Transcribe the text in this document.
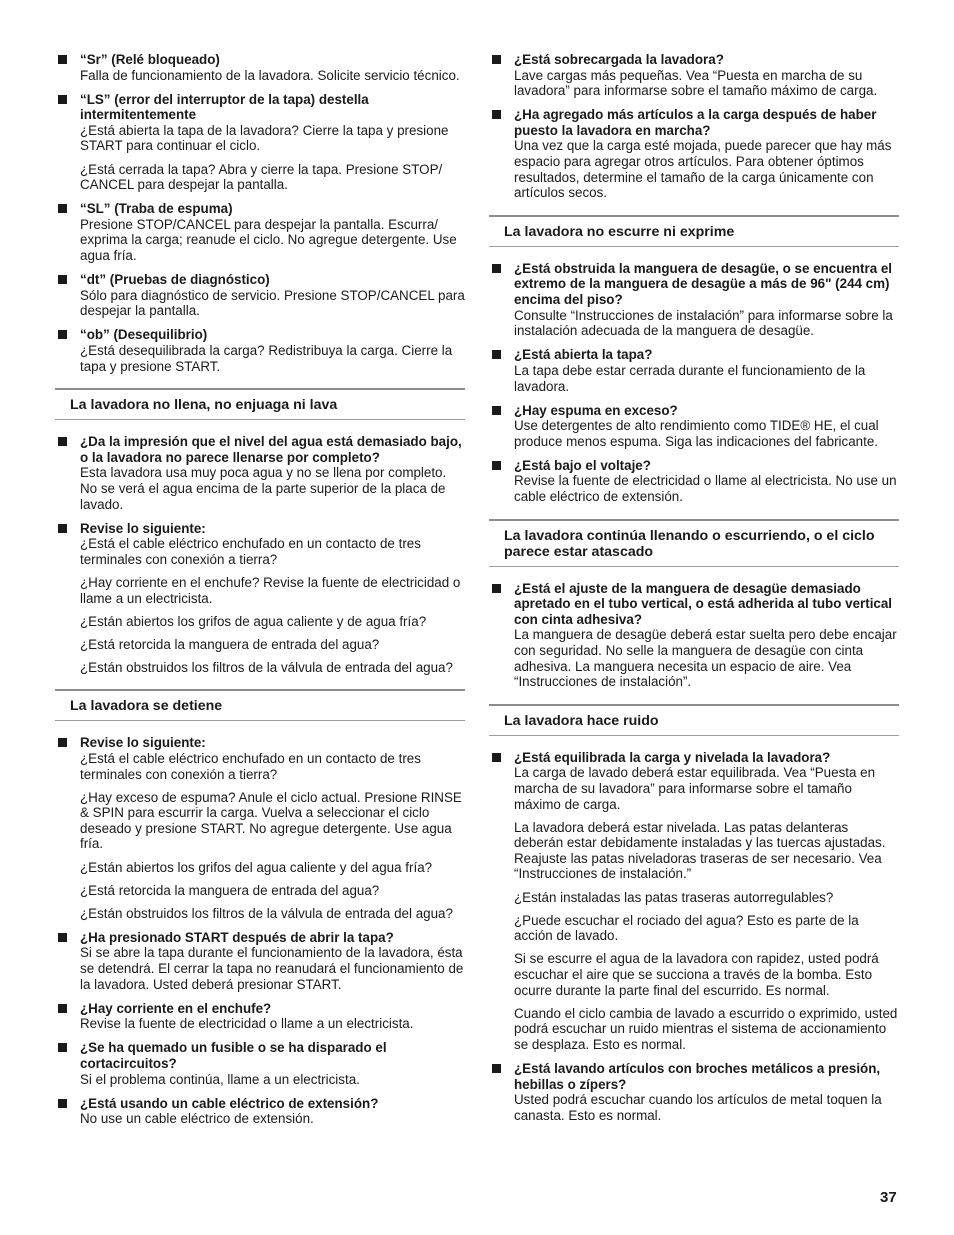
“Sr” (Relé bloqueado)
Falla de funcionamiento de la lavadora. Solicite servicio técnico.
“LS” (error del interruptor de la tapa) destella intermitentemente
¿Está abierta la tapa de la lavadora? Cierre la tapa y presione START para continuar el ciclo.
¿Está cerrada la tapa? Abra y cierre la tapa. Presione STOP/ CANCEL para despejar la pantalla.
“SL” (Traba de espuma)
Presione STOP/CANCEL para despejar la pantalla. Escurra/ exprima la carga; reanude el ciclo. No agregue detergente. Use agua fría.
“dt” (Pruebas de diagnóstico)
Sólo para diagnóstico de servicio. Presione STOP/CANCEL para despejar la pantalla.
“ob” (Desequilibrio)
¿Está desequilibrada la carga? Redistribuya la carga. Cierre la tapa y presione START.
La lavadora no llena, no enjuaga ni lava
¿Da la impresión que el nivel del agua está demasiado bajo, o la lavadora no parece llenarse por completo?
Esta lavadora usa muy poca agua y no se llena por completo. No se verá el agua encima de la parte superior de la placa de lavado.
Revise lo siguiente:
¿Está el cable eléctrico enchufado en un contacto de tres terminales con conexión a tierra?
¿Hay corriente en el enchufe? Revise la fuente de electricidad o llame a un electricista.
¿Están abiertos los grifos de agua caliente y de agua fría?
¿Está retorcida la manguera de entrada del agua?
¿Están obstruidos los filtros de la válvula de entrada del agua?
La lavadora se detiene
Revise lo siguiente:
¿Está el cable eléctrico enchufado en un contacto de tres terminales con conexión a tierra?
¿Hay exceso de espuma? Anule el ciclo actual. Presione RINSE & SPIN para escurrir la carga. Vuelva a seleccionar el ciclo deseado y presione START. No agregue detergente. Use agua fría.
¿Están abiertos los grifos del agua caliente y del agua fría?
¿Está retorcida la manguera de entrada del agua?
¿Están obstruidos los filtros de la válvula de entrada del agua?
¿Ha presionado START después de abrir la tapa?
Si se abre la tapa durante el funcionamiento de la lavadora, ésta se detendrá. El cerrar la tapa no reanudará el funcionamiento de la lavadora. Usted deberá presionar START.
¿Hay corriente en el enchufe?
Revise la fuente de electricidad o llame a un electricista.
¿Se ha quemado un fusible o se ha disparado el cortacircuitos?
Si el problema continúa, llame a un electricista.
¿Está usando un cable eléctrico de extensión?
No use un cable eléctrico de extensión.
¿Está sobrecargada la lavadora?
Lave cargas más pequeñas. Vea “Puesta en marcha de su lavadora” para informarse sobre el tamaño máximo de carga.
¿Ha agregado más artículos a la carga después de haber puesto la lavadora en marcha?
Una vez que la carga esté mojada, puede parecer que hay más espacio para agregar otros artículos. Para obtener óptimos resultados, determine el tamaño de la carga únicamente con artículos secos.
La lavadora no escurre ni exprime
¿Está obstruida la manguera de desagüe, o se encuentra el extremo de la manguera de desagüe a más de 96" (244 cm) encima del piso?
Consulte “Instrucciones de instalación” para informarse sobre la instalación adecuada de la manguera de desagüe.
¿Está abierta la tapa?
La tapa debe estar cerrada durante el funcionamiento de la lavadora.
¿Hay espuma en exceso?
Use detergentes de alto rendimiento como TIDE® HE, el cual produce menos espuma. Siga las indicaciones del fabricante.
¿Está bajo el voltaje?
Revise la fuente de electricidad o llame al electricista. No use un cable eléctrico de extensión.
La lavadora continúa llenando o escurriendo, o el ciclo parece estar atascado
¿Está el ajuste de la manguera de desagüe demasiado apretado en el tubo vertical, o está adherida al tubo vertical con cinta adhesiva?
La manguera de desagüe deberá estar suelta pero debe encajar con seguridad. No selle la manguera de desagüe con cinta adhesiva. La manguera necesita un espacio de aire. Vea “Instrucciones de instalación”.
La lavadora hace ruido
¿Está equilibrada la carga y nivelada la lavadora?
La carga de lavado deberá estar equilibrada. Vea “Puesta en marcha de su lavadora” para informarse sobre el tamaño máximo de carga.
La lavadora deberá estar nivelada. Las patas delanteras deberán estar debidamente instaladas y las tuercas ajustadas. Reajuste las patas niveladoras traseras de ser necesario. Vea “Instrucciones de instalación.”
¿Están instaladas las patas traseras autorregulables?
¿Puede escuchar el rociado del agua? Esto es parte de la acción de lavado.
Si se escurre el agua de la lavadora con rapidez, usted podrá escuchar el aire que se succiona a través de la bomba. Esto ocurre durante la parte final del escurrido. Es normal.
Cuando el ciclo cambia de lavado a escurrido o exprimido, usted podrá escuchar un ruido mientras el sistema de accionamiento se desplaza. Esto es normal.
¿Está lavando artículos con broches metálicos a presión, hebillas o zípers?
Usted podrá escuchar cuando los artículos de metal toquen la canasta. Esto es normal.
37
